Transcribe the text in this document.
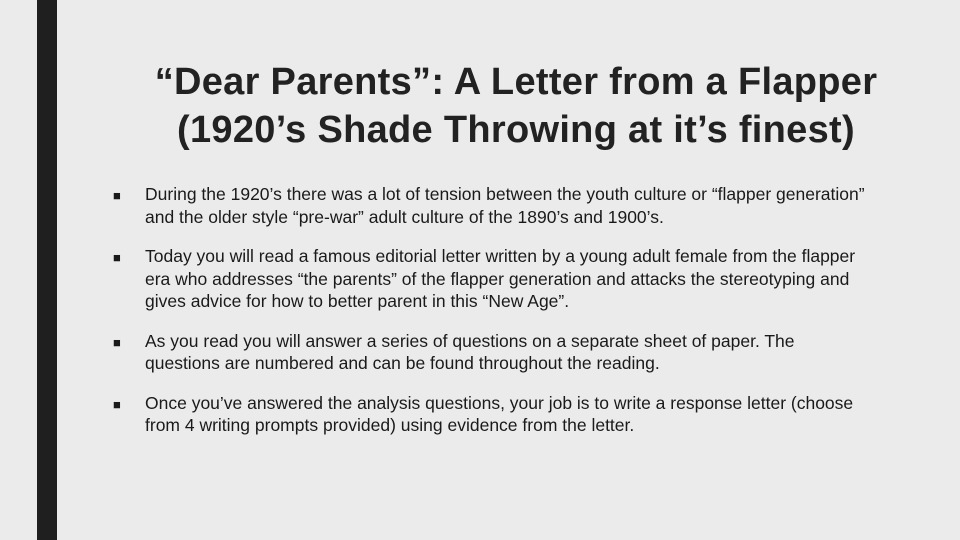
“Dear Parents”: A Letter from a Flapper (1920’s Shade Throwing at it’s finest)
■ During the 1920’s there was a lot of tension between the youth culture or “flapper generation” and the older style “pre-war” adult culture of the 1890’s and 1900’s.
■ Today you will read a famous editorial letter written by a young adult female from the flapper era who addresses “the parents” of the flapper generation and attacks the stereotyping and gives advice for how to better parent in this “New Age”.
■ As you read you will answer a series of questions on a separate sheet of paper. The questions are numbered and can be found throughout the reading.
■ Once you’ve answered the analysis questions, your job is to write a response letter (choose from 4 writing prompts provided) using evidence from the letter.
